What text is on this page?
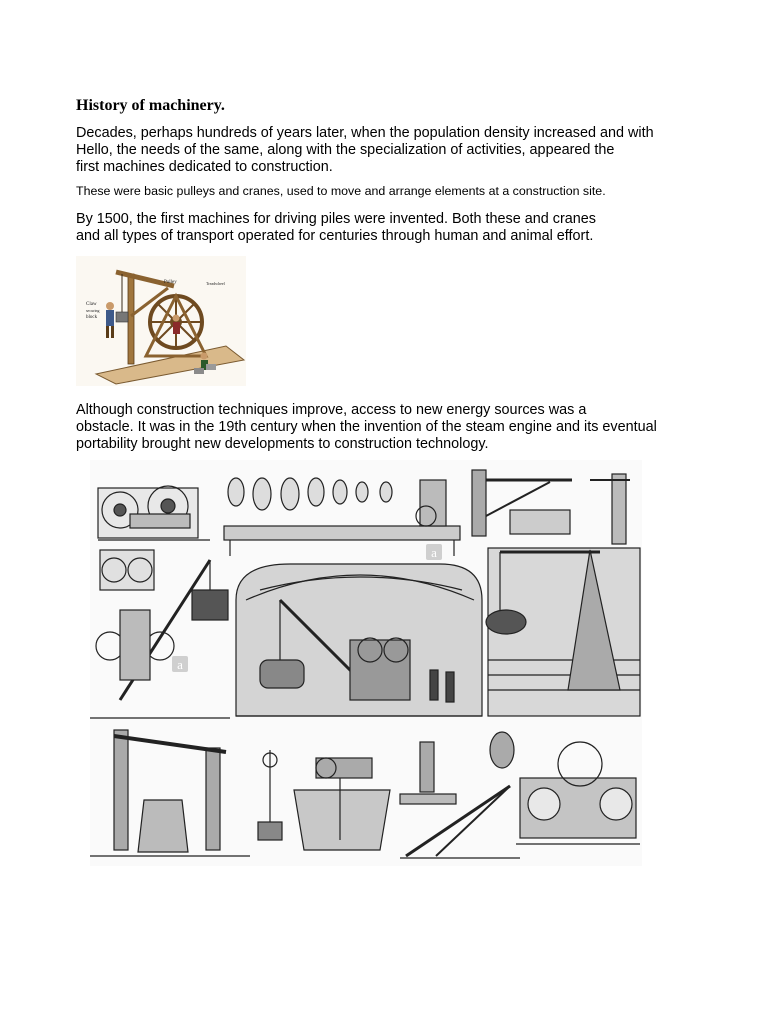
History of machinery.
Decades, perhaps hundreds of years later, when the population density increased and with
Hello, the needs of the same, along with the specialization of activities, appeared the
first machines dedicated to construction.
These were basic pulleys and cranes, used to move and arrange elements at a construction site.
By 1500, the first machines for driving piles were invented. Both these and cranes
and all types of transport operated for centuries through human and animal effort.
Pulley	Treadwheel
Claw
securing
block
Although construction techniques improve, access to new energy sources was a
obstacle. It was in the 19th century when the invention of the steam engine and its eventual
portability brought new developments to construction technology.
a
a
